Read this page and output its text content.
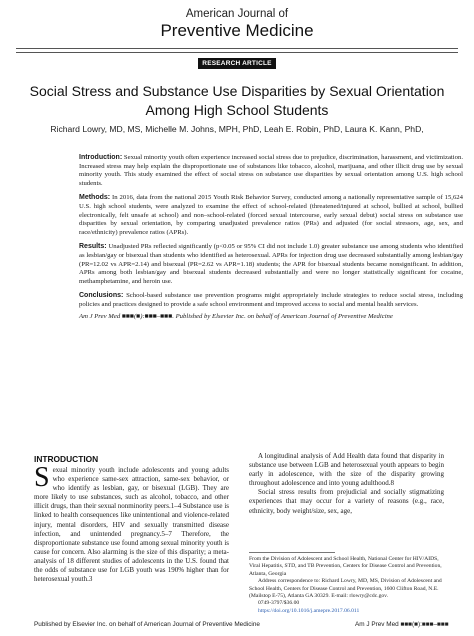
American Journal of
Preventive Medicine
RESEARCH ARTICLE
Social Stress and Substance Use Disparities by Sexual Orientation Among High School Students
Richard Lowry, MD, MS, Michelle M. Johns, MPH, PhD, Leah E. Robin, PhD, Laura K. Kann, PhD,

Introduction: Sexual minority youth often experience increased social stress due to prejudice, discrimination, harassment, and victimization. Increased stress may help explain the disproportionate use of substances like tobacco, alcohol, marijuana, and other illicit drug use by sexual minority youth. This study examined the effect of social stress on substance use disparities by sexual orientation among U.S. high school students.

Methods: In 2016, data from the national 2015 Youth Risk Behavior Survey, conducted among a nationally representative sample of 15,624 U.S. high school students, were analyzed to examine the effect of school-related (threatened/injured at school, bullied at school, bullied electronically, felt unsafe at school) and non–school-related (forced sexual intercourse, early sexual debut) social stress on substance use disparities by sexual orientation, by comparing unadjusted prevalence ratios (PRs) and adjusted (for social stressors, age, sex, and race/ethnicity) prevalence ratios (APRs).

Results: Unadjusted PRs reflected significantly (p<0.05 or 95% CI did not include 1.0) greater substance use among students who identified as lesbian/gay or bisexual than students who identified as heterosexual. APRs for injection drug use decreased substantially among lesbian/gay (PR=12.02 vs APR=2.14) and bisexual (PR=2.62 vs APR=1.18) students; the APR for bisexual students became nonsignificant. In addition, APRs among both lesbian/gay and bisexual students decreased substantially and were no longer statistically significant for cocaine, methamphetamine, and heroin use.

Conclusions: School-based substance use prevention programs might appropriately include strategies to reduce social stress, including policies and practices designed to provide a safe school environment and improved access to social and mental health services.

Am J Prev Med ■■■(■):■■■–■■■. Published by Elsevier Inc. on behalf of American Journal of Preventive Medicine

INTRODUCTION
S exual minority youth include adolescents and young adults who experience same-sex attraction, same-sex behavior, or who identify as lesbian, gay, or bisexual (LGB). They are more likely to use substances, such as alcohol, tobacco, and other illicit drugs, than their sexual nonminority peers.1–4 Substance use is linked to health consequences like unintentional and violence-related injury, mental disorders, HIV and sexually transmitted disease infection, and unintended pregnancy.5–7 Therefore, the disproportionate substance use found among sexual minority youth is cause for concern. Also alarming is the size of this disparity; a meta-analysis of 18 different studies of adolescents in the U.S. found that the odds of substance use for LGB youth was 190% higher than for heterosexual youth.3

A longitudinal analysis of Add Health data found that disparity in substance use between LGB and heterosexual youth appears to begin early in adolescence, with the size of the disparity growing throughout adolescence and into young adulthood.8

Social stress results from prejudicial and socially stigmatizing experiences that may occur for a variety of reasons (e.g., race, ethnicity, body weight/size, sex, age,

From the Division of Adolescent and School Health, National Center for HIV/AIDS, Viral Hepatitis, STD, and TB Prevention, Centers for Disease Control and Prevention, Atlanta, Georgia

Address correspondence to: Richard Lowry, MD, MS, Division of Adolescent and School Health, Centers for Disease Control and Prevention, 1600 Clifton Road, N.E. (Mailstop E-75), Atlanta GA 30329. E-mail: rlowry@cdc.gov.

0749-3797/$36.00

https://doi.org/10.1016/j.amepre.2017.06.011

Published by Elsevier Inc. on behalf of American Journal of Preventive Medicine	Am J Prev Med ■■■(■):■■■–■■■
